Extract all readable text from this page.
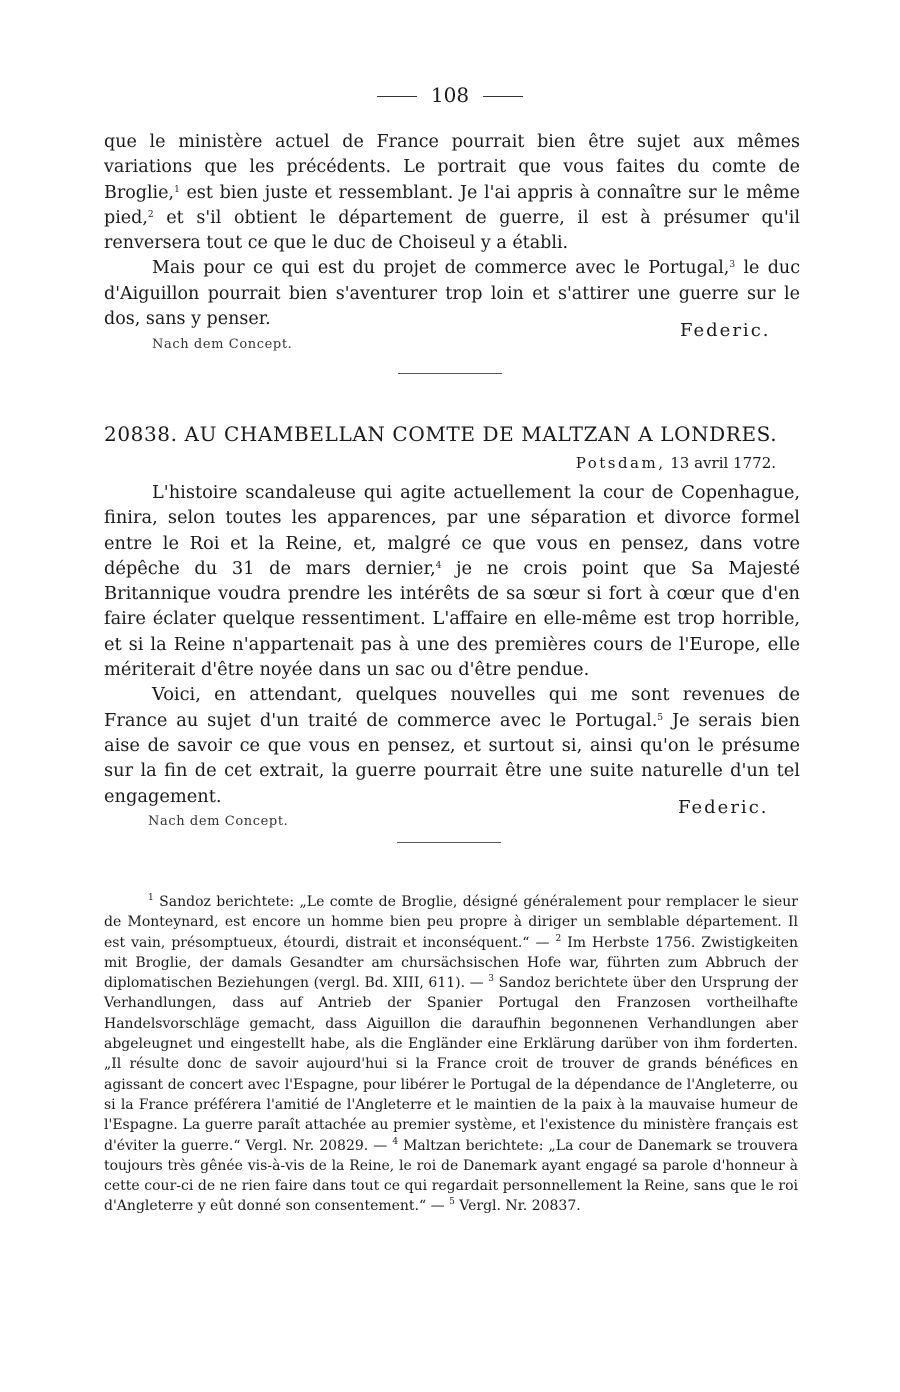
108

que le ministère actuel de France pourrait bien être sujet aux mêmes variations que les précédents. Le portrait que vous faites du comte de Broglie,$^1$ est bien juste et ressemblant. Je l'ai appris à connaître sur le même pied,$^2$ et s'il obtient le département de guerre, il est à présumer qu'il renversera tout ce que le duc de Choiseul y a établi.

Mais pour ce qui est du projet de commerce avec le Portugal,$^3$ le duc d'Aiguillon pourrait bien s'aventurer trop loin et s'attirer une guerre sur le dos, sans y penser.

Federic.
Nach dem Concept.
20838. AU CHAMBELLAN COMTE DE MALTZAN A LONDRES.
Potsdam, 13 avril 1772.

L'histoire scandaleuse qui agite actuellement la cour de Copenhague, finira, selon toutes les apparences, par une séparation et divorce formel entre le Roi et la Reine, et, malgré ce que vous en pensez, dans votre dépêche du 31 de mars dernier,$^4$ je ne crois point que Sa Majesté Britannique voudra prendre les intérêts de sa sœur si fort à cœur que d'en faire éclater quelque ressentiment. L'affaire en elle-même est trop horrible, et si la Reine n'appartenait pas à une des premières cours de l'Europe, elle mériterait d'être noyée dans un sac ou d'être pendue.

Voici, en attendant, quelques nouvelles qui me sont revenues de France au sujet d'un traité de commerce avec le Portugal.$^5$ Je serais bien aise de savoir ce que vous en pensez, et surtout si, ainsi qu'on le présume sur la fin de cet extrait, la guerre pourrait être une suite naturelle d'un tel engagement.

Federic.
Nach dem Concept.

$^1$ Sandoz berichtete: „Le comte de Broglie, désigné généralement pour remplacer le sieur de Monteynard, est encore un homme bien peu propre à diriger un semblable département. Il est vain, présomptueux, étourdi, distrait et inconséquent.“ — $^2$ Im Herbste 1756. Zwistigkeiten mit Broglie, der damals Gesandter am chursächsischen Hofe war, führten zum Abbruch der diplomatischen Beziehungen (vergl. Bd. XIII, 611). — $^3$ Sandoz berichtete über den Ursprung der Verhandlungen, dass auf Antrieb der Spanier Portugal den Franzosen vortheilhafte Handelsvorschläge gemacht, dass Aiguillon die daraufhin begonnenen Verhandlungen aber abgeleugnet und eingestellt habe, als die Engländer eine Erklärung darüber von ihm forderten. „Il résulte donc de savoir aujourd'hui si la France croit de trouver de grands bénéfices en agissant de concert avec l'Espagne, pour libérer le Portugal de la dépendance de l'Angleterre, ou si la France préférera l'amitié de l'Angleterre et le maintien de la paix à la mauvaise humeur de l'Espagne. La guerre paraît attachée au premier système, et l'existence du ministère français est d'éviter la guerre.“ Vergl. Nr. 20829. — $^4$ Maltzan berichtete: „La cour de Danemark se trouvera toujours très gênée vis-à-vis de la Reine, le roi de Danemark ayant engagé sa parole d'honneur à cette cour-ci de ne rien faire dans tout ce qui regardait personnellement la Reine, sans que le roi d'Angleterre y eût donné son consentement.“ — $^5$ Vergl. Nr. 20837.
